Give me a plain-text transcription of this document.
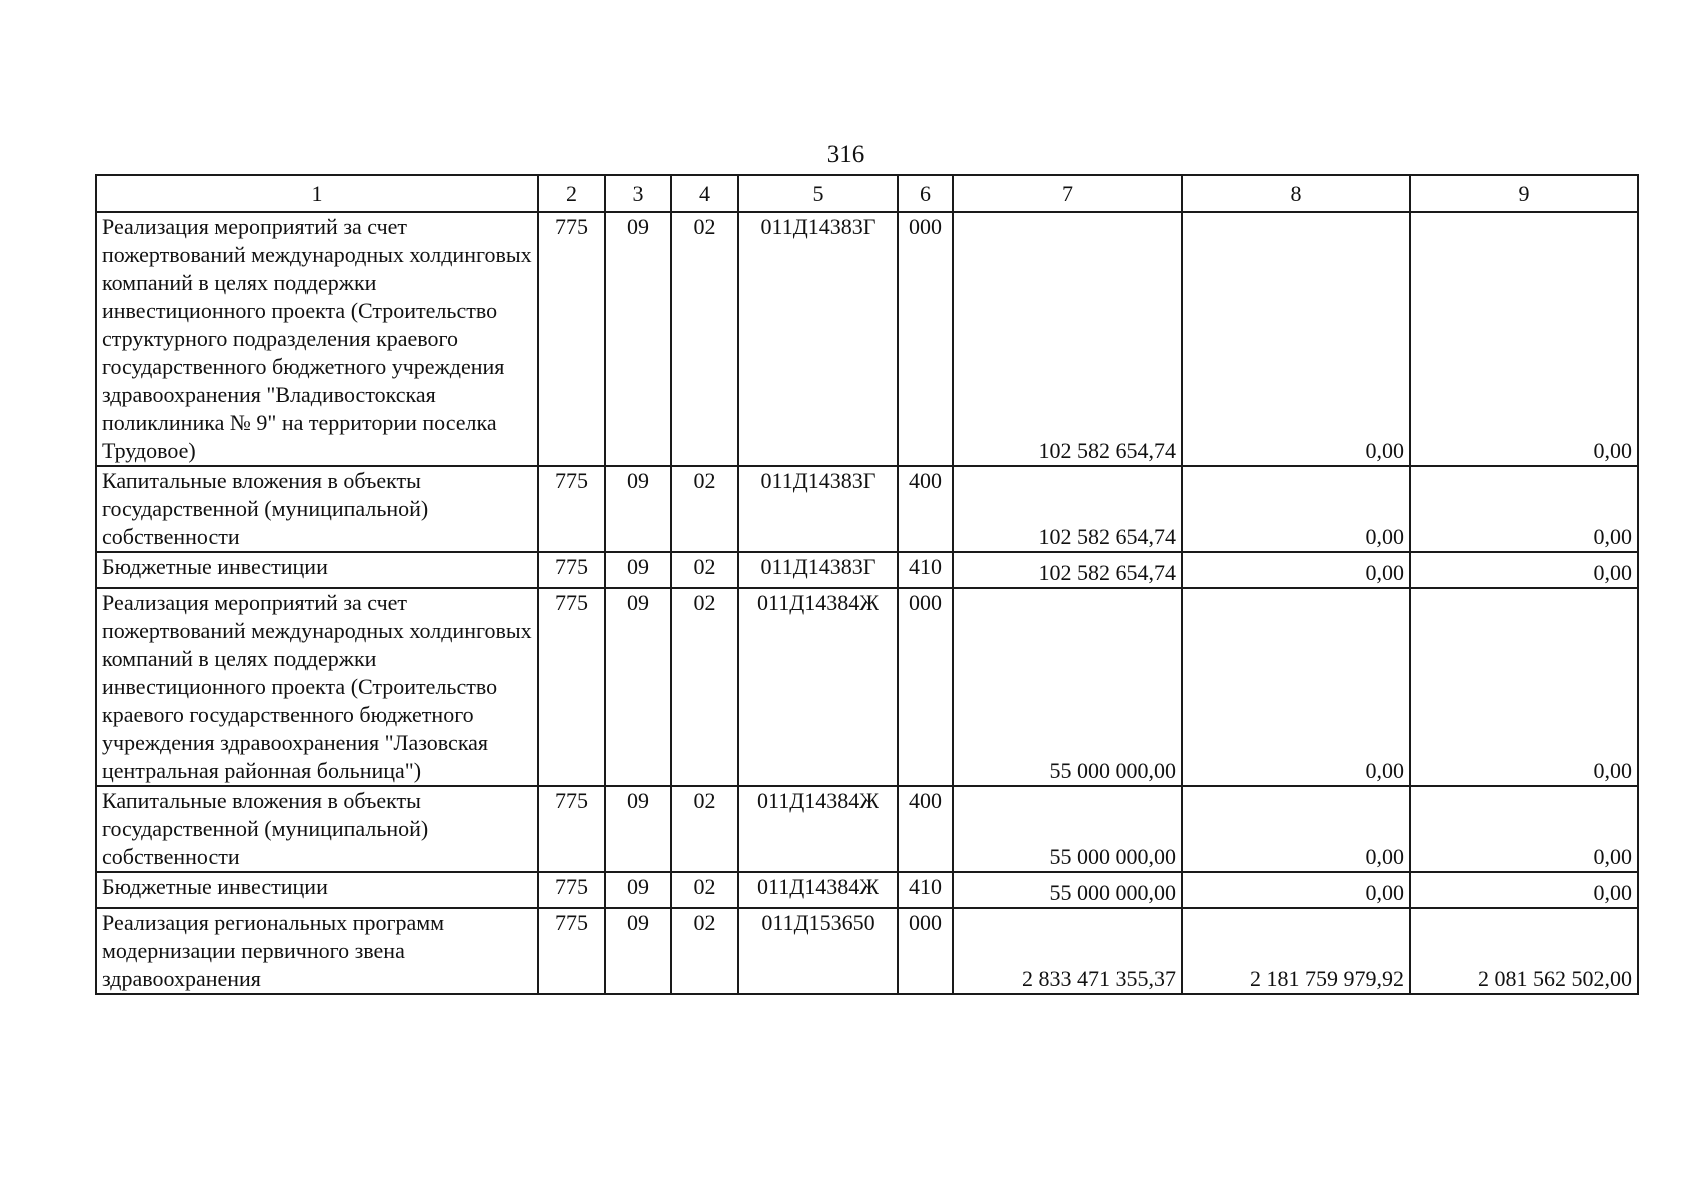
316
1	2	3	4	5	6	7	8	9
Реализация мероприятий за счет пожертвований международных холдинговых компаний в целях поддержки инвестиционного проекта (Строительство структурного подразделения краевого государственного бюджетного учреждения здравоохранения "Владивостокская поликлиника № 9" на территории поселка Трудовое)	775	09	02	011Д14383Г	000	102 582 654,74	0,00	0,00
Капитальные вложения в объекты государственной (муниципальной) собственности	775	09	02	011Д14383Г	400	102 582 654,74	0,00	0,00
Бюджетные инвестиции	775	09	02	011Д14383Г	410	102 582 654,74	0,00	0,00
Реализация мероприятий за счет пожертвований международных холдинговых компаний в целях поддержки инвестиционного проекта (Строительство краевого государственного бюджетного учреждения здравоохранения "Лазовская центральная районная больница")	775	09	02	011Д14384Ж	000	55 000 000,00	0,00	0,00
Капитальные вложения в объекты государственной (муниципальной) собственности	775	09	02	011Д14384Ж	400	55 000 000,00	0,00	0,00
Бюджетные инвестиции	775	09	02	011Д14384Ж	410	55 000 000,00	0,00	0,00
Реализация региональных программ модернизации первичного звена здравоохранения	775	09	02	011Д153650	000	2 833 471 355,37	2 181 759 979,92	2 081 562 502,00
